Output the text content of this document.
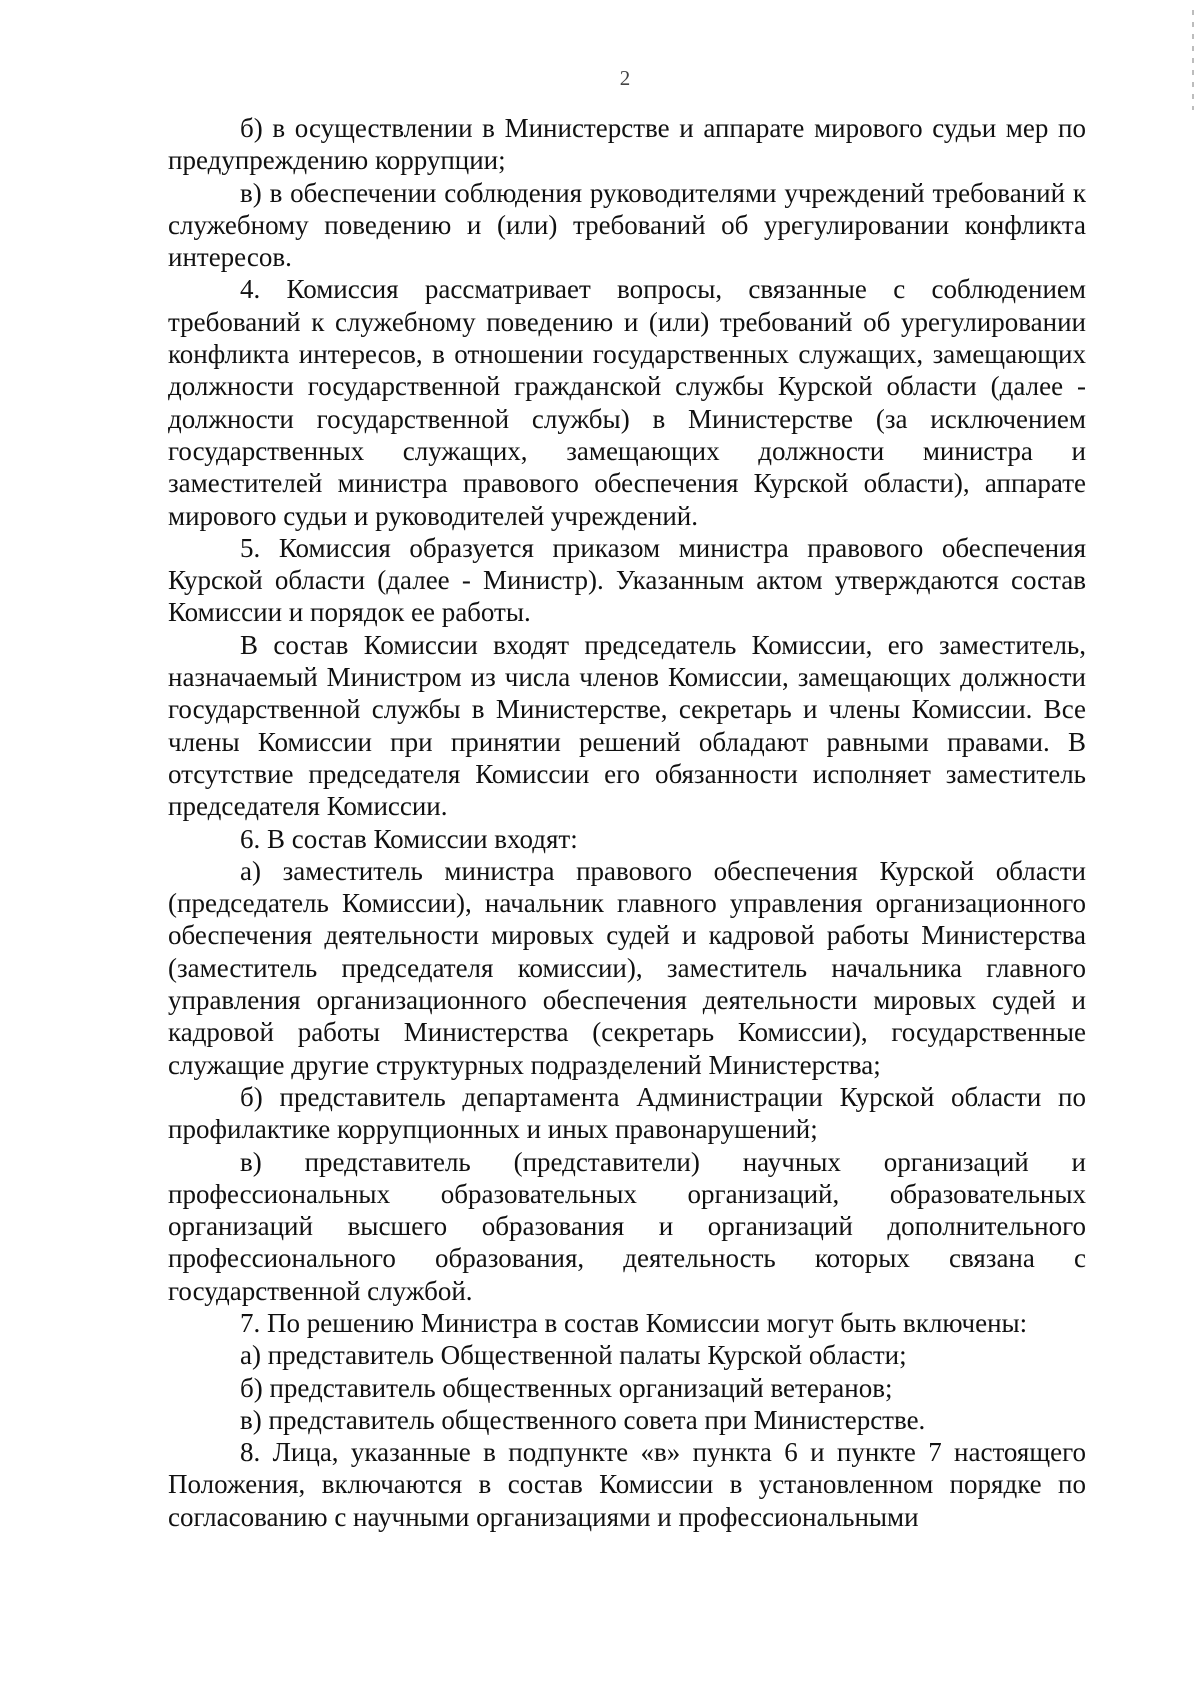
2

б) в осуществлении в Министерстве и аппарате мирового судьи мер по предупреждению коррупции;

в) в обеспечении соблюдения руководителями учреждений требований к служебному поведению и (или) требований об урегулировании конфликта интересов.

4. Комиссия рассматривает вопросы, связанные с соблюдением требований к служебному поведению и (или) требований об урегулировании конфликта интересов, в отношении государственных служащих, замещающих должности государственной гражданской службы Курской области (далее - должности государственной службы) в Министерстве (за исключением государственных служащих, замещающих должности министра и заместителей министра правового обеспечения Курской области), аппарате мирового судьи и руководителей учреждений.

5. Комиссия образуется приказом министра правового обеспечения Курской области (далее - Министр). Указанным актом утверждаются состав Комиссии и порядок ее работы.

В состав Комиссии входят председатель Комиссии, его заместитель, назначаемый Министром из числа членов Комиссии, замещающих должности государственной службы в Министерстве, секретарь и члены Комиссии. Все члены Комиссии при принятии решений обладают равными правами. В отсутствие председателя Комиссии его обязанности исполняет заместитель председателя Комиссии.

6. В состав Комиссии входят:

а) заместитель министра правового обеспечения Курской области (председатель Комиссии), начальник главного управления организационного обеспечения деятельности мировых судей и кадровой работы Министерства (заместитель председателя комиссии), заместитель начальника главного управления организационного обеспечения деятельности мировых судей и кадровой работы Министерства (секретарь Комиссии), государственные служащие другие структурных подразделений Министерства;

б) представитель департамента Администрации Курской области по профилактике коррупционных и иных правонарушений;

в) представитель (представители) научных организаций и профессиональных образовательных организаций, образовательных организаций высшего образования и организаций дополнительного профессионального образования, деятельность которых связана с государственной службой.

7. По решению Министра в состав Комиссии могут быть включены:

а) представитель Общественной палаты Курской области;

б) представитель общественных организаций ветеранов;

в) представитель общественного совета при Министерстве.

8. Лица, указанные в подпункте «в» пункта 6 и пункте 7 настоящего Положения, включаются в состав Комиссии в установленном порядке по согласованию с научными организациями и профессиональными
